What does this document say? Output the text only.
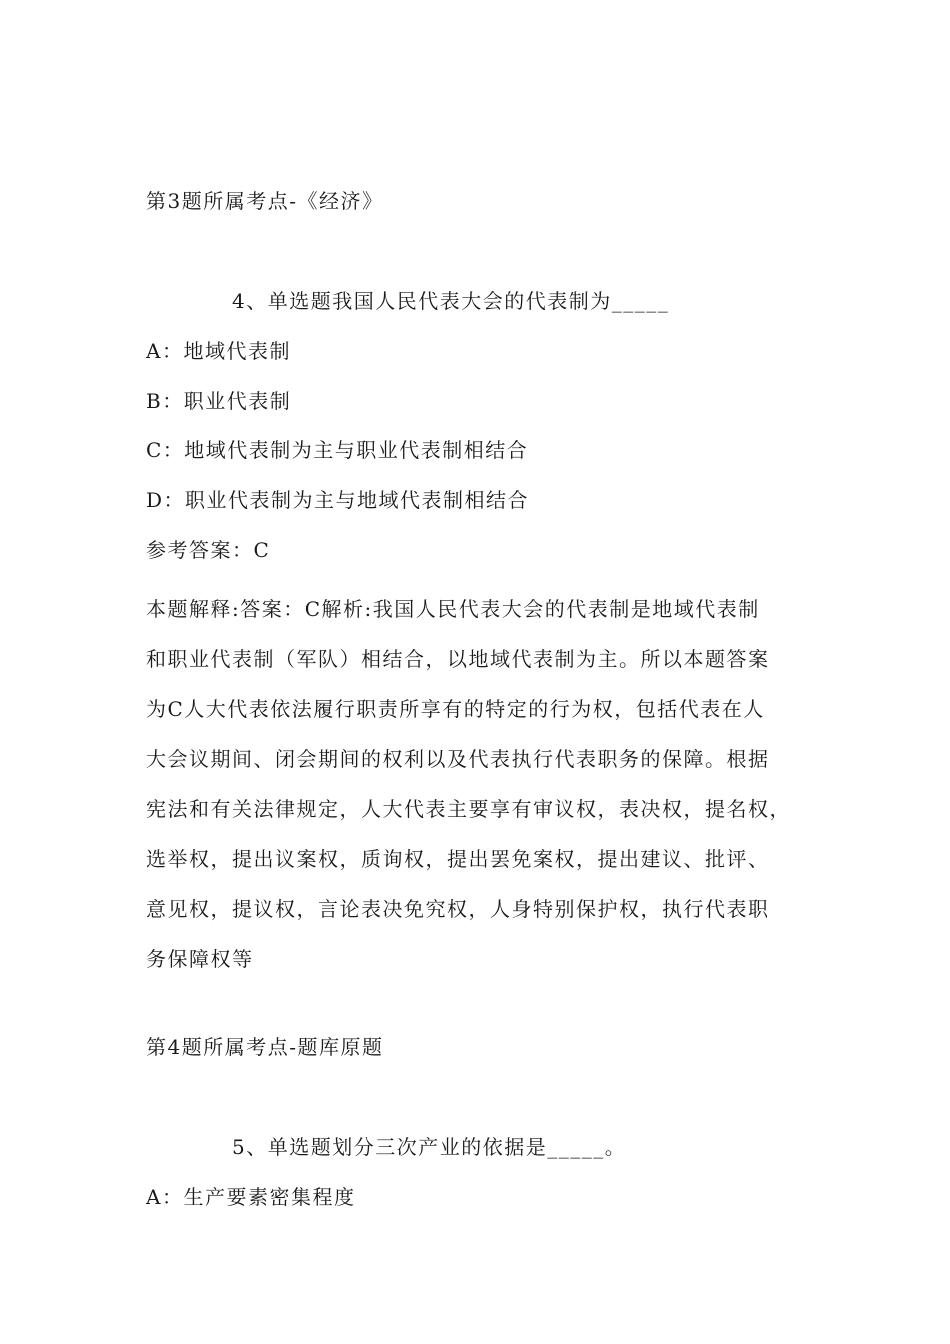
第3题所属考点-《经济》
4、单选题我国人民代表大会的代表制为_____
A：地域代表制
B：职业代表制
C：地域代表制为主与职业代表制相结合
D：职业代表制为主与地域代表制相结合
参考答案：C
本题解释:答案：C解析:我国人民代表大会的代表制是地域代表制
和职业代表制（军队）相结合，以地域代表制为主。所以本题答案
为C人大代表依法履行职责所享有的特定的行为权，包括代表在人
大会议期间、闭会期间的权利以及代表执行代表职务的保障。根据
宪法和有关法律规定，人大代表主要享有审议权，表决权，提名权，
选举权，提出议案权，质询权，提出罢免案权，提出建议、批评、
意见权，提议权，言论表决免究权，人身特别保护权，执行代表职
务保障权等
第4题所属考点-题库原题
5、单选题划分三次产业的依据是_____。
A：生产要素密集程度
